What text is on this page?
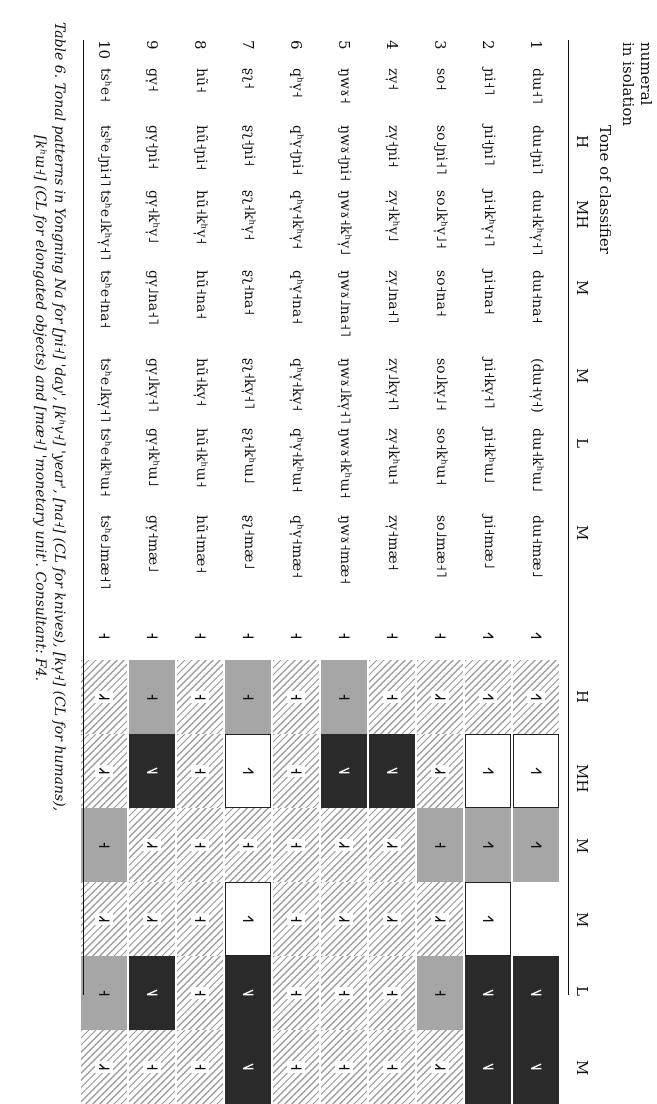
numeral
in isolation
Tone of classifier
H
MH
M
M
L
M
H
MH
M
M
L
M
1
dɯ˧˥
dɯ˧ɲi˥
dɯ˧kʰv̩˧˥
dɯ˧na˧
(dɯ˧v̩˧)
dɯ˧kʰɯ˩
dɯ˧mæ˩
˧˥
˧˥
˧˥
˧˥
˥˩
˥˩
2
ɲi˧˥
ɲi˧ɲi˥
ɲi˧kʰv̩˧˥
ɲi˧na˧
ɲi˧kv̩˧˥
ɲi˧kʰɯ˩
ɲi˧mæ˩
˧˥
˧˥
˧˥
˧˥
˧˥
˥˩
˥˩
3
so˧
so˩ɲi˧˥
so˩kʰv̩˩˧
so˧na˧
so˩kv̩˩˧
so˧kʰɯ˧
so˩mæ˧˥
˧
˩˧
˩˧
˧
˩˧
˧
˩˧
4
zv̩˧
zv̩˧ɲi˧
zv̩˧kʰv̩˩
zv̩˩na˧˥
zv̩˩kv̩˧˥
zv̩˧kʰɯ˧
zv̩˧mæ˧
˧
˧
˥˩
˩˧
˩˧
˧
˧
5
ŋwɤ˧
ŋwɤ˧ɲi˧
ŋwɤ˧kʰv̩˩
ŋwɤ˩na˧˥
ŋwɤ˩kv̩˧˥
ŋwɤ˧kʰɯ˧
ŋwɤ˧mæ˧
˧
˧
˥˩
˩˧
˩˧
˧
˧
6
qʰv̩˧
qʰv̩˧ɲi˧
qʰv̩˧kʰv̩˧
qʰv̩˧na˧
qʰv̩˧kv̩˧
qʰv̩˧kʰɯ˧
qʰv̩˧mæ˧
˧
˧
˧
˧
˧
˧
˧
7
ʂʅ˧
ʂʅ˧ɲi˧
ʂʅ˧kʰv̩˧
ʂʅ˧na˧
ʂʅ˧kv̩˧˥
ʂʅ˧kʰɯ˩
ʂʅ˧mæ˩
˧
˧
˧˥
˧
˧˥
˥˩
˥˩
8
hũ˧
hũ˧ɲi˧
hũ˧kʰv̩˧
hũ˧na˧
hũ˧kv̩˧
hũ˧kʰɯ˧
hũ˧mæ˧
˧
˧
˧
˧
˧
˧
˧
9
gv̩˧
gv̩˧ɲi˧
gv̩˧kʰv̩˩
gv̩˩na˧˥
gv̩˩kv̩˧˥
gv̩˧kʰɯ˩
gv̩˧mæ˩
˧
˧
˥˩
˩˧
˩˧
˥˩
˧
10
tsʰe˧
tsʰe˩ɲi˧˥
tsʰe˩kʰv̩˧˥
tsʰe˧na˧
tsʰe˩kv̩˧˥
tsʰe˧kʰɯ˧
tsʰe˩mæ˧˥
˧
˩˧
˩˧
˧
˩˧
˧
˩˧
Table 6. Tonal patterns in Yongning Na for [ɲi˧] 'day', [kʰv̩˧] 'year', [na˧] (CL for knives), [kv̩˧] (CL for humans),
[kʰɯ˧] (CL for elongated objects) and [mæ˧] 'monetary unit'. Consultant: F4.
